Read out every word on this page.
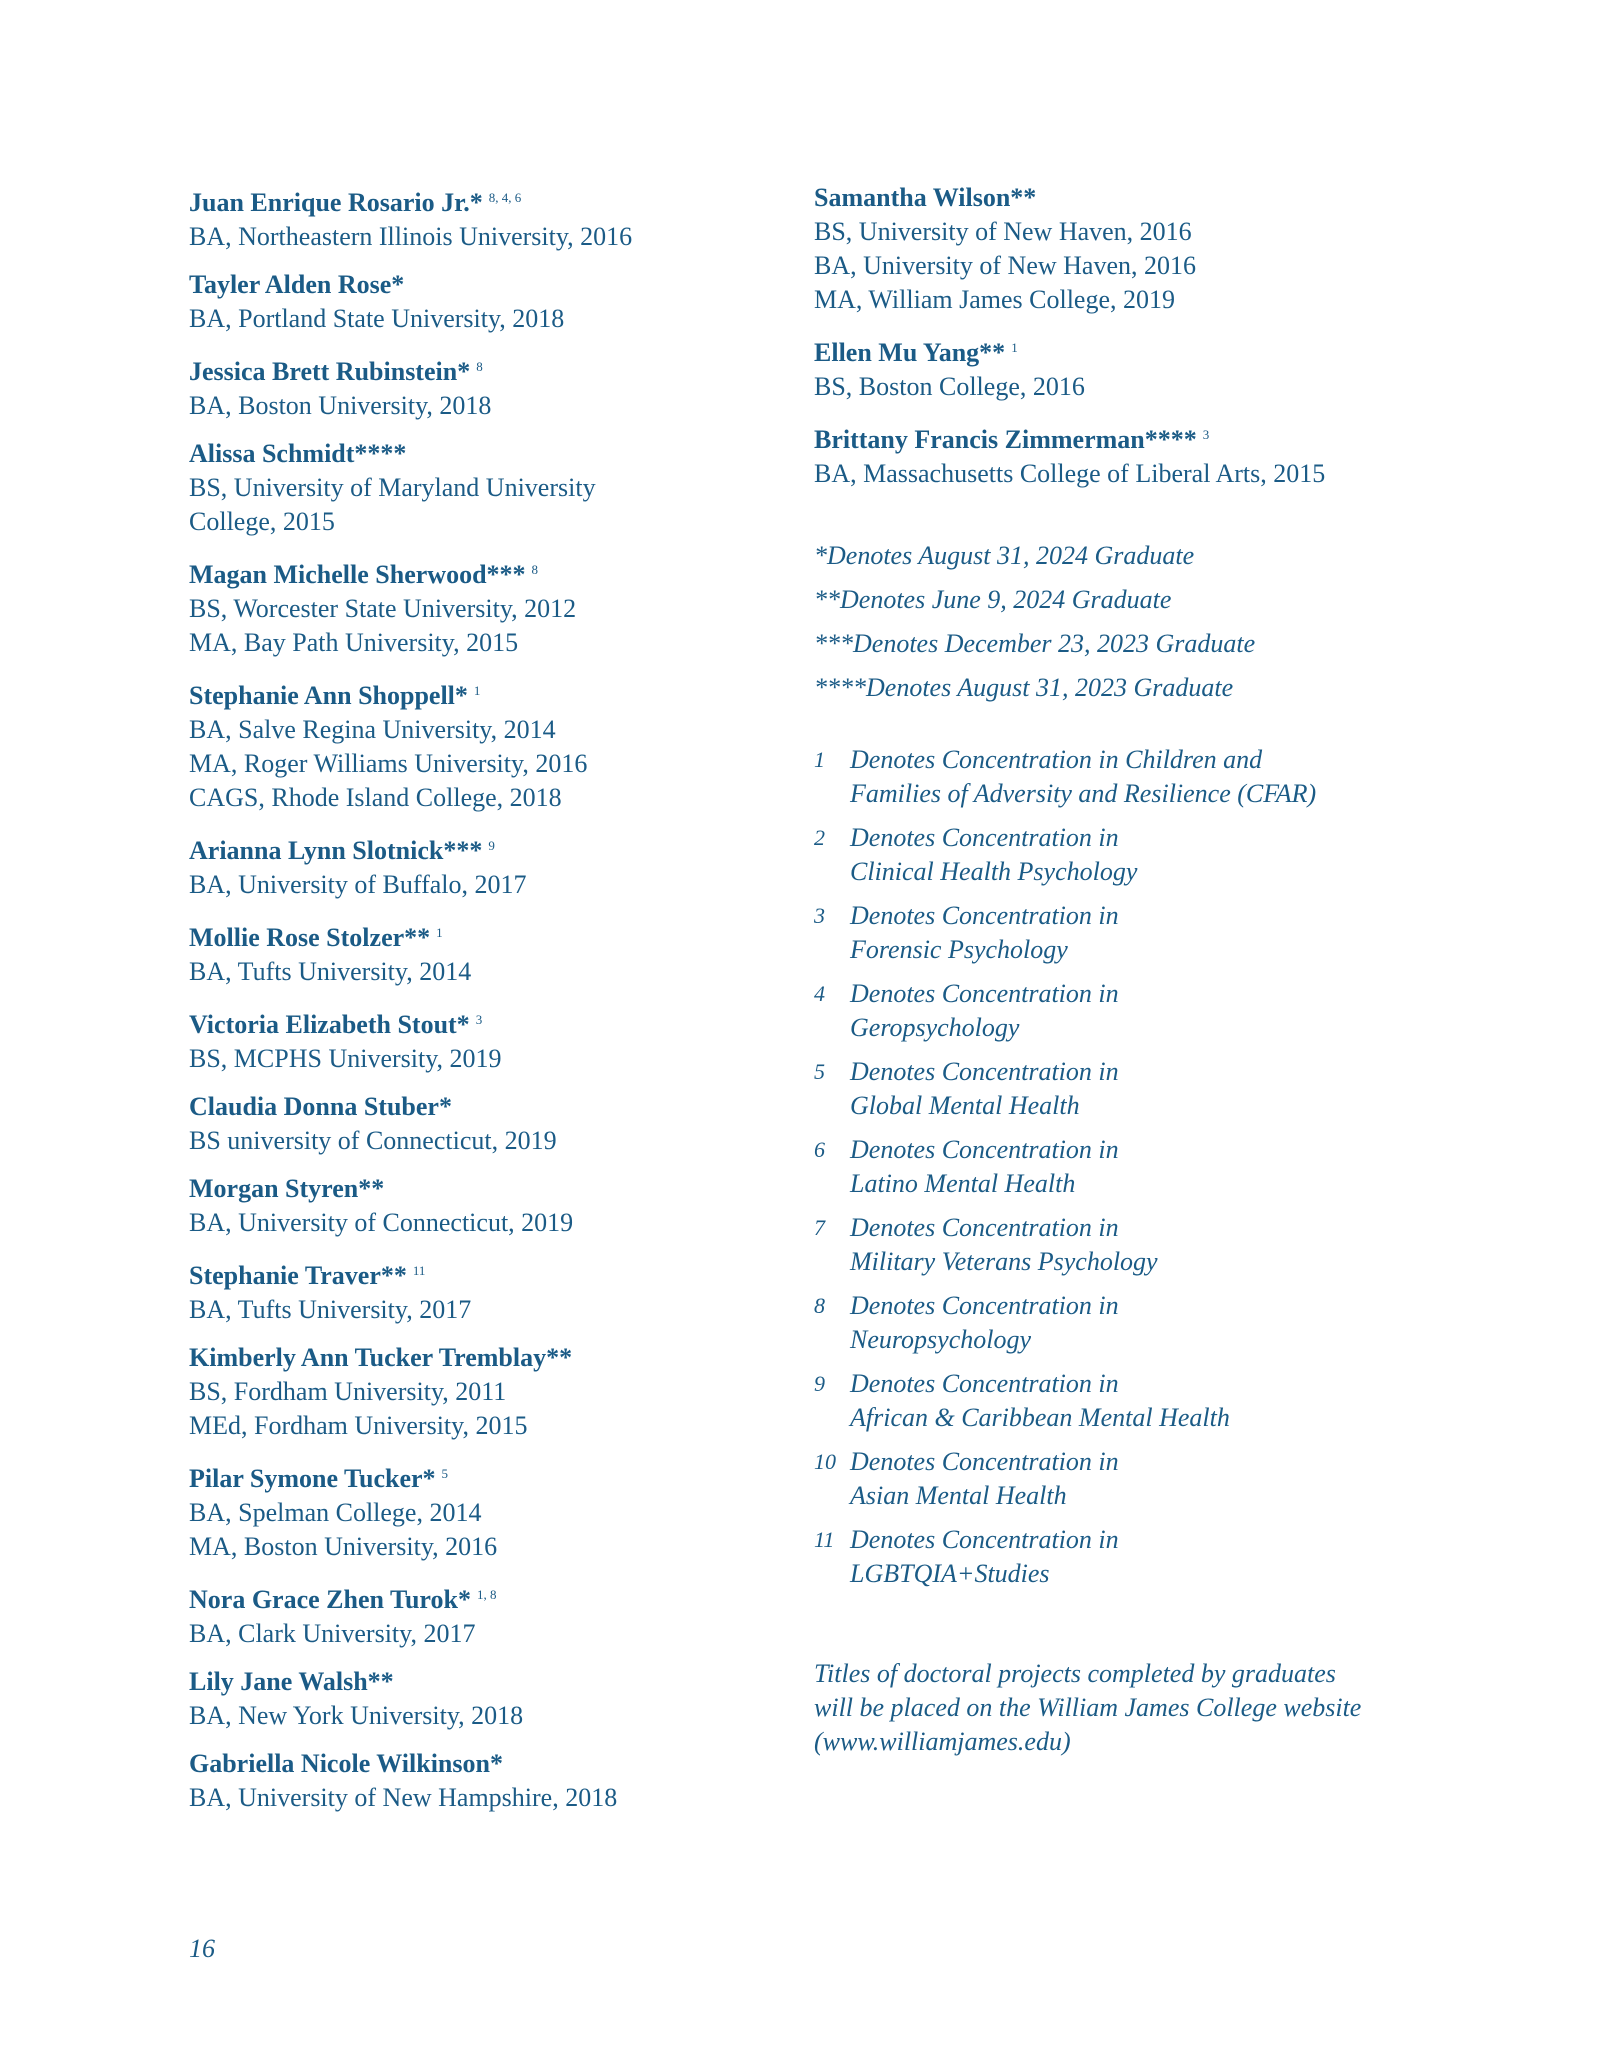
Juan Enrique Rosario Jr.* $^{8, 4, 6}$
BA, Northeastern Illinois University, 2016
Tayler Alden Rose*
BA, Portland State University, 2018
Jessica Brett Rubinstein* $^8$
BA, Boston University, 2018
Alissa Schmidt****
BS, University of Maryland University
College, 2015
Magan Michelle Sherwood*** $^8$
BS, Worcester State University, 2012
MA, Bay Path University, 2015
Stephanie Ann Shoppell* $^1$
BA, Salve Regina University, 2014
MA, Roger Williams University, 2016
CAGS, Rhode Island College, 2018
Arianna Lynn Slotnick*** $^9$
BA, University of Buffalo, 2017
Mollie Rose Stolzer** $^1$
BA, Tufts University, 2014
Victoria Elizabeth Stout* $^3$
BS, MCPHS University, 2019
Claudia Donna Stuber*
BS university of Connecticut, 2019
Morgan Styren**
BA, University of Connecticut, 2019
Stephanie Traver** $^{11}$
BA, Tufts University, 2017
Kimberly Ann Tucker Tremblay**
BS, Fordham University, 2011
MEd, Fordham University, 2015
Pilar Symone Tucker* $^5$
BA, Spelman College, 2014
MA, Boston University, 2016
Nora Grace Zhen Turok* $^{1, 8}$
BA, Clark University, 2017
Lily Jane Walsh**
BA, New York University, 2018
Gabriella Nicole Wilkinson*
BA, University of New Hampshire, 2018
Samantha Wilson**
BS, University of New Haven, 2016
BA, University of New Haven, 2016
MA, William James College, 2019
Ellen Mu Yang** $^1$
BS, Boston College, 2016
Brittany Francis Zimmerman**** $^3$
BA, Massachusetts College of Liberal Arts, 2015
*Denotes August 31, 2024 Graduate
**Denotes June 9, 2024 Graduate
***Denotes December 23, 2023 Graduate
****Denotes August 31, 2023 Graduate
1 Denotes Concentration in Children and
Families of Adversity and Resilience (CFAR)
2 Denotes Concentration in
Clinical Health Psychology
3 Denotes Concentration in
Forensic Psychology
4 Denotes Concentration in
Geropsychology
5 Denotes Concentration in
Global Mental Health
6 Denotes Concentration in
Latino Mental Health
7 Denotes Concentration in
Military Veterans Psychology
8 Denotes Concentration in
Neuropsychology
9 Denotes Concentration in
African & Caribbean Mental Health
10 Denotes Concentration in
Asian Mental Health
11 Denotes Concentration in
LGBTQIA+Studies
Titles of doctoral projects completed by graduates will be placed on the William James College website (www.williamjames.edu)
16
